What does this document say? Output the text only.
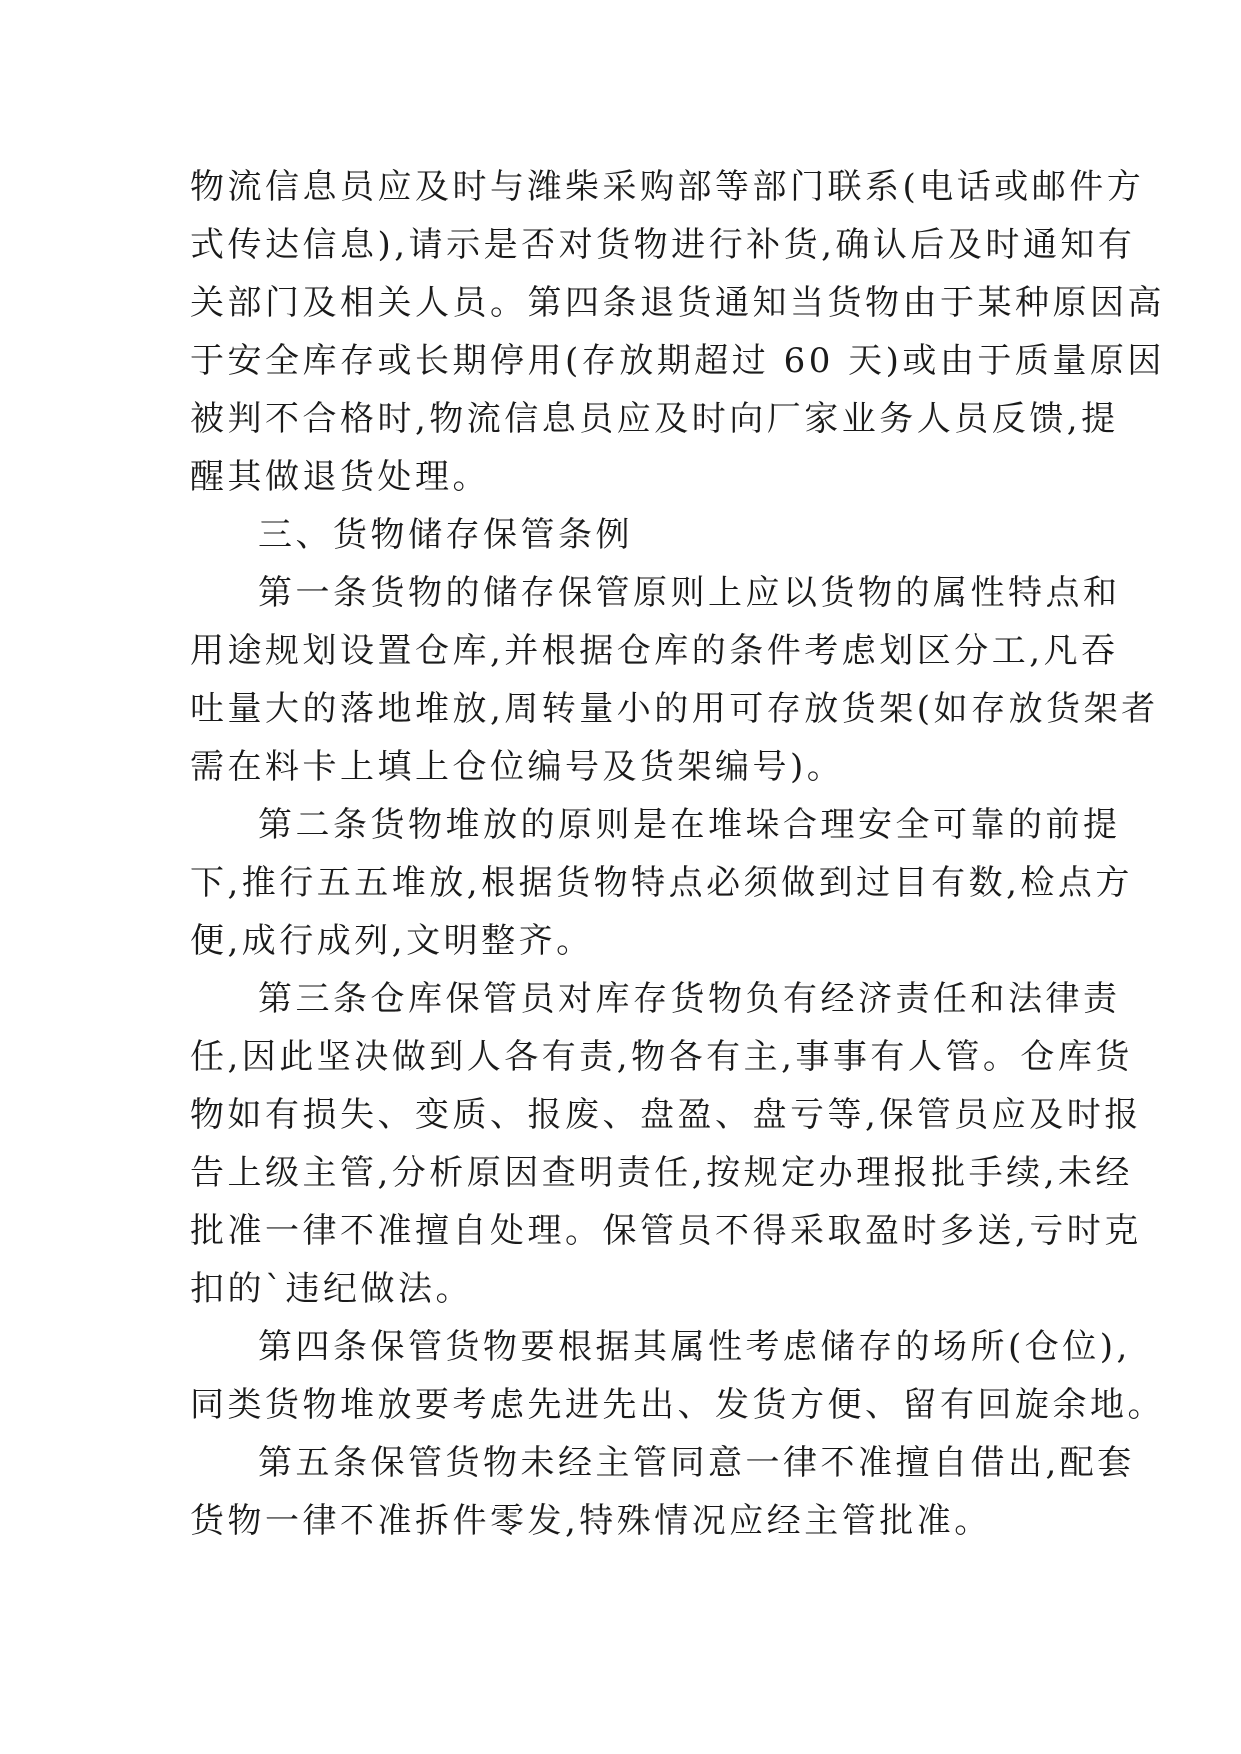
物流信息员应及时与潍柴采购部等部门联系(电话或邮件方
式传达信息),请示是否对货物进行补货,确认后及时通知有
关部门及相关人员。第四条退货通知当货物由于某种原因高
于安全库存或长期停用(存放期超过 60 天)或由于质量原因
被判不合格时,物流信息员应及时向厂家业务人员反馈,提
醒其做退货处理。
三、货物储存保管条例
第一条货物的储存保管原则上应以货物的属性特点和
用途规划设置仓库,并根据仓库的条件考虑划区分工,凡吞
吐量大的落地堆放,周转量小的用可存放货架(如存放货架者
需在料卡上填上仓位编号及货架编号)。
第二条货物堆放的原则是在堆垛合理安全可靠的前提
下,推行五五堆放,根据货物特点必须做到过目有数,检点方
便,成行成列,文明整齐。
第三条仓库保管员对库存货物负有经济责任和法律责
任,因此坚决做到人各有责,物各有主,事事有人管。仓库货
物如有损失、变质、报废、盘盈、盘亏等,保管员应及时报
告上级主管,分析原因查明责任,按规定办理报批手续,未经
批准一律不准擅自处理。保管员不得采取盈时多送,亏时克
扣的`违纪做法。
第四条保管货物要根据其属性考虑储存的场所(仓位),
同类货物堆放要考虑先进先出、发货方便、留有回旋余地。
第五条保管货物未经主管同意一律不准擅自借出,配套
货物一律不准拆件零发,特殊情况应经主管批准。
